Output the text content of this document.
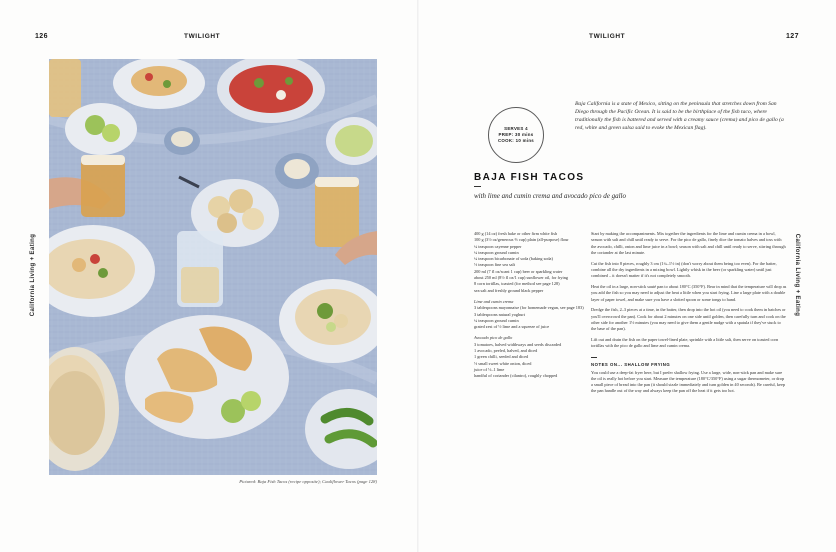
126	TWILIGHT
California Living + Eating
Pictured: Baja Fish Tacos (recipe opposite); Cauliflower Tacos (page 128)
TWILIGHT	127
California Living + Eating
SERVES 4
PREP: 30 mins
COOK: 10 mins
Baja California is a state of Mexico, sitting on the peninsula that stretches down from San Diego through the Pacific Ocean. It is said to be the birthplace of the fish taco, where traditionally the fish is battered and served with a creamy sauce (crema) and pico de gallo (a red, white and green salsa said to evoke the Mexican flag).
BAJA FISH TACOS
with lime and cumin crema and avocado pico de gallo
400 g (14 oz) fresh hake or other firm white fish
100 g (3½ oz/generous ⅔ cup) plain (all-purpose) flour
¼ teaspoon cayenne pepper
¼ teaspoon ground cumin
¼ teaspoon bicarbonate of soda (baking soda)
½ teaspoon fine sea salt
200 ml (7 fl oz/scant 1 cup) beer or sparkling water
about 250 ml (8½ fl oz/1 cup) sunflower oil, for frying
8 corn tortillas, toasted (for method see page 128)
sea salt and freshly ground black pepper
Lime and cumin crema
3 tablespoons mayonnaise (for homemade vegan, see page 183)
3 tablespoons natural yoghurt
¼ teaspoon ground cumin
grated zest of ½ lime and a squeeze of juice
Avocado pico de gallo
3 tomatoes, halved widthways and seeds discarded
1 avocado, peeled, halved, and diced
1 green chilli, seeded and diced
½ small sweet white onion, diced
juice of ½–1 lime
handful of coriander (cilantro), roughly chopped

Start by making the accompaniments. Mix together the ingredients for the lime and cumin crema in a bowl, season with salt and chill until ready to serve. For the pico de gallo, finely dice the tomato halves and toss with the avocado, chilli, onion and lime juice in a bowl; season with salt and chill until ready to serve, stirring through the coriander at the last minute.

Cut the fish into 8 pieces, roughly 3 cm (1¼–1½ in) (don't worry about them being too even). For the batter, combine all the dry ingredients in a mixing bowl. Lightly whisk in the beer (or sparkling water) until just combined – it doesn't matter if it's not completely smooth.

Heat the oil in a large, non-stick sauté pan to about 180°C (350°F). Bear in mind that the temperature will drop as you add the fish so you may need to adjust the heat a little when you start frying. Line a large plate with a double layer of paper towel, and make sure you have a slotted spoon or some tongs to hand.

Dredge the fish, 2–3 pieces at a time, in the batter, then drop into the hot oil (you need to cook them in batches or you'll overcrowd the pan). Cook for about 2 minutes on one side until golden, then carefully turn and cook on the other side for another 1½ minutes (you may need to give them a gentle nudge with a spatula if they've stuck to the base of the pan).

Lift out and drain the fish on the paper towel-lined plate, sprinkle with a little salt, then serve on toasted corn tortillas with the pico de gallo and lime and cumin crema.

NOTES ON... SHALLOW FRYING

You could use a deep-fat fryer here, but I prefer shallow frying. Use a large, wide, non-stick pan and make sure the oil is really hot before you start. Measure the temperature (180°C/350°F) using a sugar thermometer, or drop a small piece of bread into the pan (it should sizzle immediately and turn golden in 40 seconds). Be careful, keep the pan handle out of the way and always keep the pan off the heat if it gets too hot.
